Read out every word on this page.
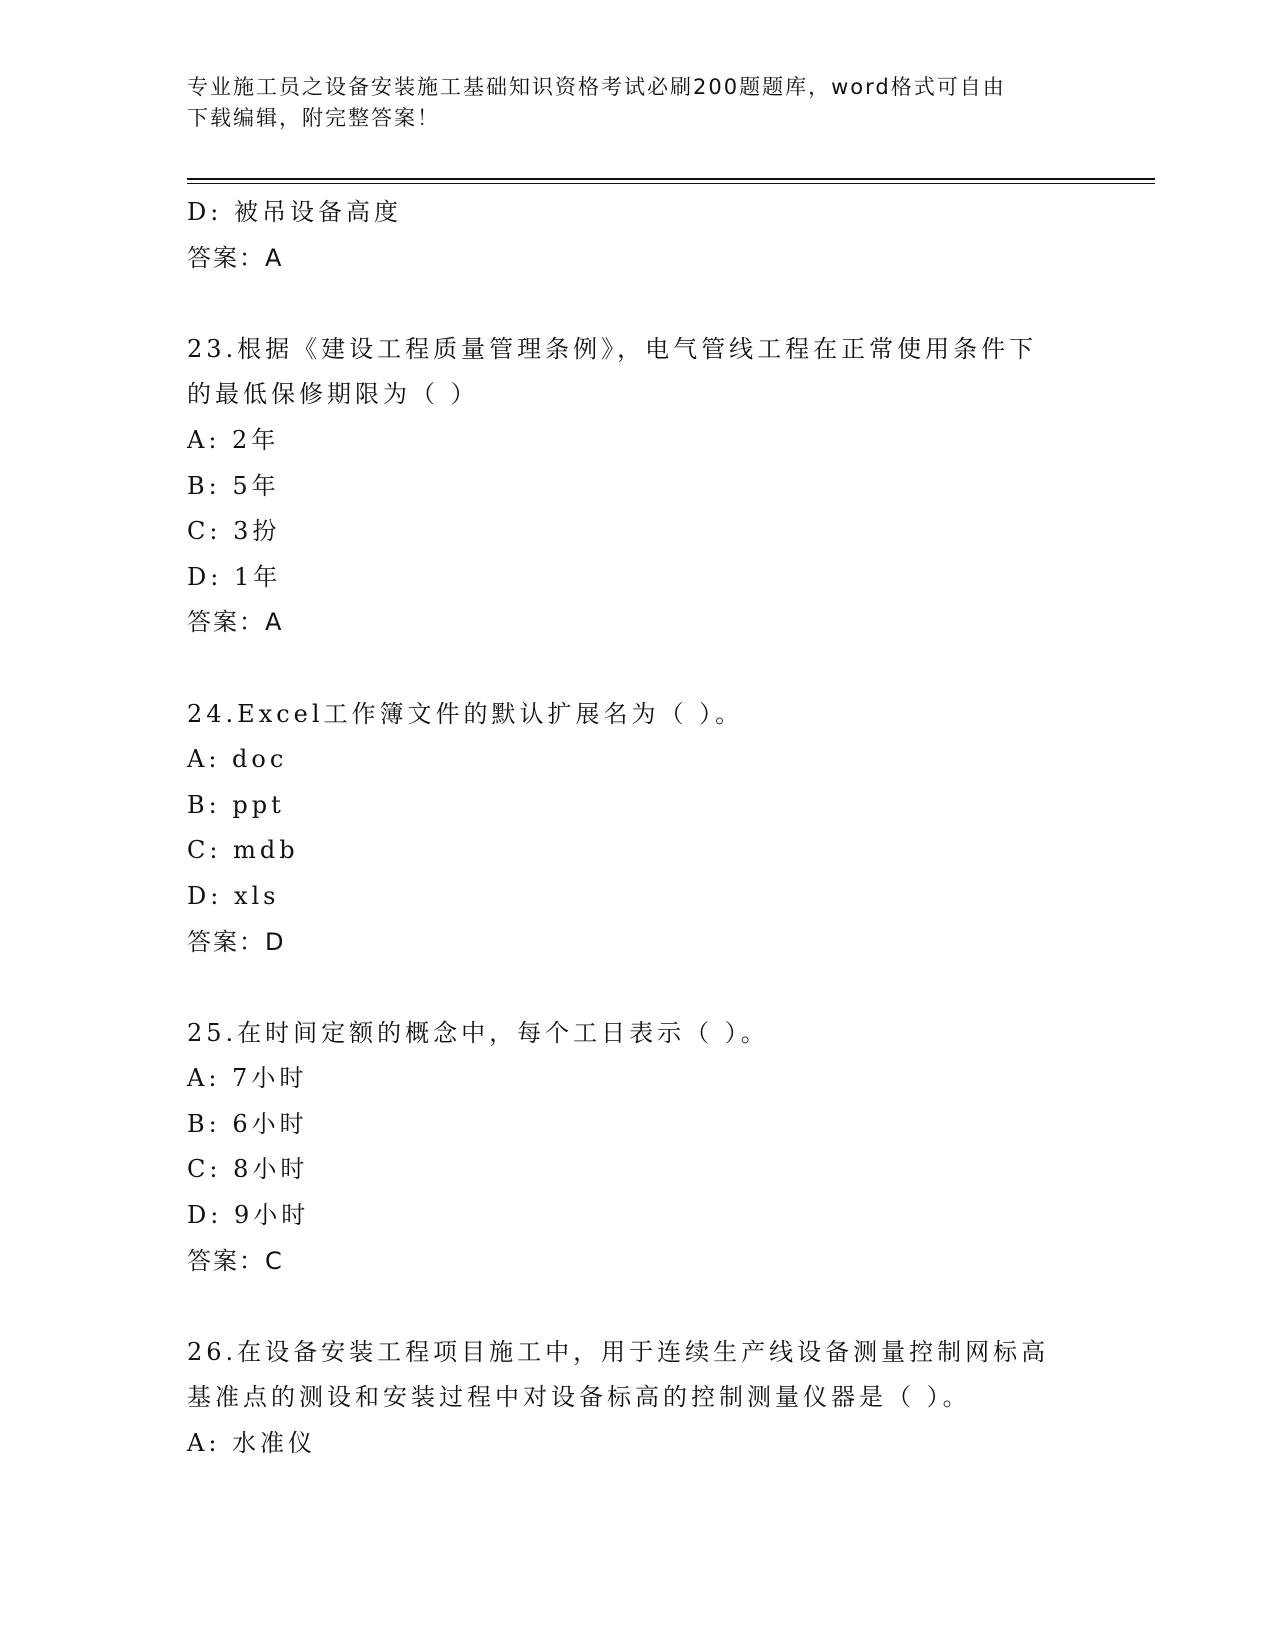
专业施工员之设备安装施工基础知识资格考试必刷200题题库，word格式可自由
下载编辑，附完整答案！
D: 被吊设备高度
答案：A
23.根据《建设工程质量管理条例》，电气管线工程在正常使用条件下
的最低保修期限为（ ）
A: 2年
B: 5年
C: 3扮
D: 1年
答案：A
24.Excel工作簿文件的默认扩展名为（ ）。
A: doc
B: ppt
C: mdb
D: xls
答案：D
25.在时间定额的概念中，每个工日表示（ ）。
A: 7小时
B: 6小时
C: 8小时
D: 9小时
答案：C
26.在设备安装工程项目施工中，用于连续生产线设备测量控制网标高
基准点的测设和安装过程中对设备标高的控制测量仪器是（ ）。
A: 水准仪
